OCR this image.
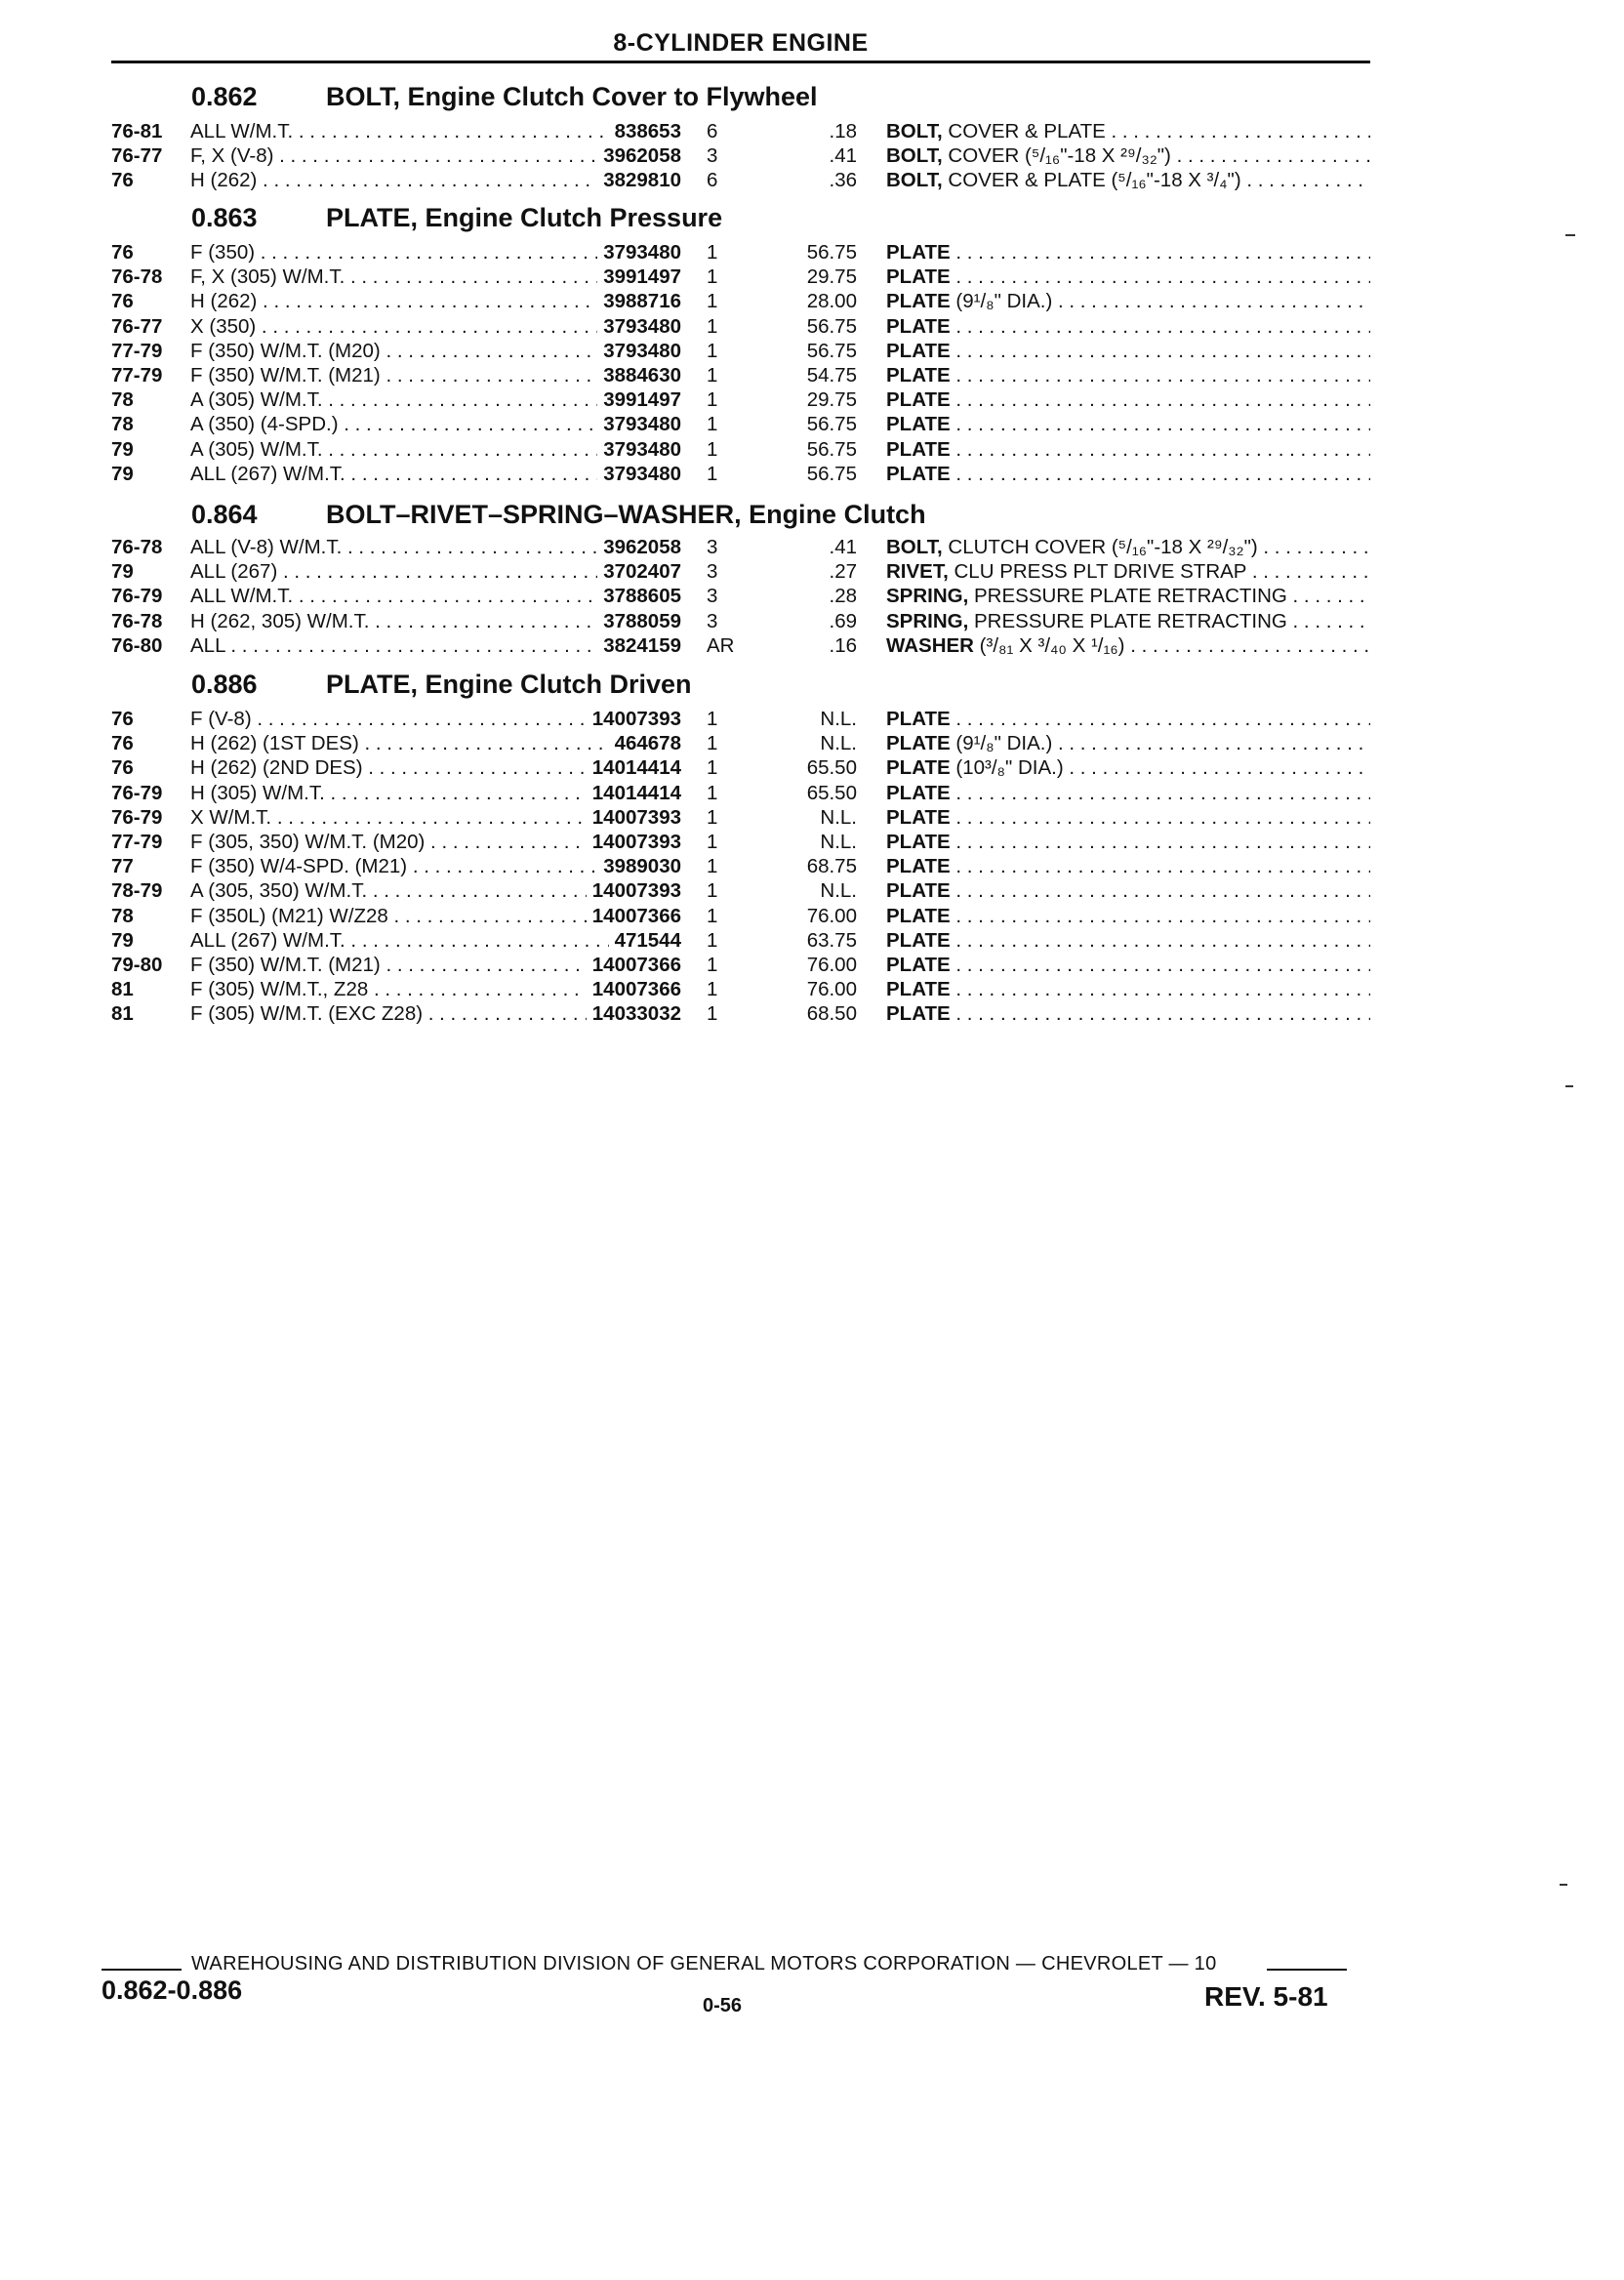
8-CYLINDER ENGINE
0.862	BOLT, Engine Clutch Cover to Flywheel
76-81 ALL W/M.T. . . .	838653 6	.18 BOLT, COVER & PLATE . . .
76-77 F, X (V-8) . . .	3962058 3	.41 BOLT, COVER (⁵/₁₆"-18 X ²⁹/₃₂") . . .
76	H (262) . . .	3829810 6	.36 BOLT, COVER & PLATE (⁵/₁₆"-18 X ³/₄") . . .
0.863	PLATE, Engine Clutch Pressure
76	F (350) . . .	3793480 1	56.75 PLATE . . .
76-78 F, X (305) W/M.T. . . .	3991497 1	29.75 PLATE . . .
76	H (262) . . .	3988716 1	28.00 PLATE (9¹/₈" DIA.) . . .
76-77 X (350) . . .	3793480 1	56.75 PLATE . . .
77-79 F (350) W/M.T. (M20) . . .	3793480 1	56.75 PLATE . . .
77-79 F (350) W/M.T. (M21) . . .	3884630 1	54.75 PLATE . . .
78	A (305) W/M.T. . . .	3991497 1	29.75 PLATE . . .
78	A (350) (4-SPD.) . . .	3793480 1	56.75 PLATE . . .
79	A (305) W/M.T. . . .	3793480 1	56.75 PLATE . . .
79	ALL (267) W/M.T. . . .	3793480 1	56.75 PLATE . . .
0.864	BOLT–RIVET–SPRING–WASHER, Engine Clutch
76-78 ALL (V-8) W/M.T. . . .	3962058 3	.41 BOLT, CLUTCH COVER (⁵/₁₆"-18 X ²⁹/₃₂") . . .
79	ALL (267) . . .	3702407 3	.27 RIVET, CLU PRESS PLT DRIVE STRAP . . .
76-79 ALL W/M.T. . . .	3788605 3	.28 SPRING, PRESSURE PLATE RETRACTING . . .
76-78 H (262, 305) W/M.T. . . .	3788059 3	.69 SPRING, PRESSURE PLATE RETRACTING . . .
76-80 ALL . . .	3824159 AR	.16 WASHER (³/₈₁ X ³/₄₀ X ¹/₁₆) . . .
0.886	PLATE, Engine Clutch Driven
76	F (V-8) . . .	14007393 1	N.L. PLATE . . .
76	H (262) (1ST DES) . . .	464678 1	N.L. PLATE (9¹/₈" DIA.) . . .
76	H (262) (2ND DES) . . .	14014414 1	65.50 PLATE (10³/₈" DIA.) . . .
76-79 H (305) W/M.T. . . .	14014414 1	65.50 PLATE . . .
76-79 X W/M.T. . . .	14007393 1	N.L. PLATE . . .
77-79 F (305, 350) W/M.T. (M20) . . .	14007393 1	N.L. PLATE . . .
77	F (350) W/4-SPD. (M21) . . .	3989030 1	68.75 PLATE . . .
78-79 A (305, 350) W/M.T. . . .	14007393 1	N.L. PLATE . . .
78	F (350L) (M21) W/Z28 . . .	14007366 1	76.00 PLATE . . .
79	ALL (267) W/M.T. . . .	471544 1	63.75 PLATE . . .
79-80 F (350) W/M.T. (M21) . . .	14007366 1	76.00 PLATE . . .
81	F (305) W/M.T., Z28 . . .	14007366 1	76.00 PLATE . . .
81	F (305) W/M.T. (EXC Z28) . . .	14033032 1	68.50 PLATE . . .
WAREHOUSING AND DISTRIBUTION DIVISION OF GENERAL MOTORS CORPORATION — CHEVROLET — 10
0.862-0.886
0-56	REV. 5-81
